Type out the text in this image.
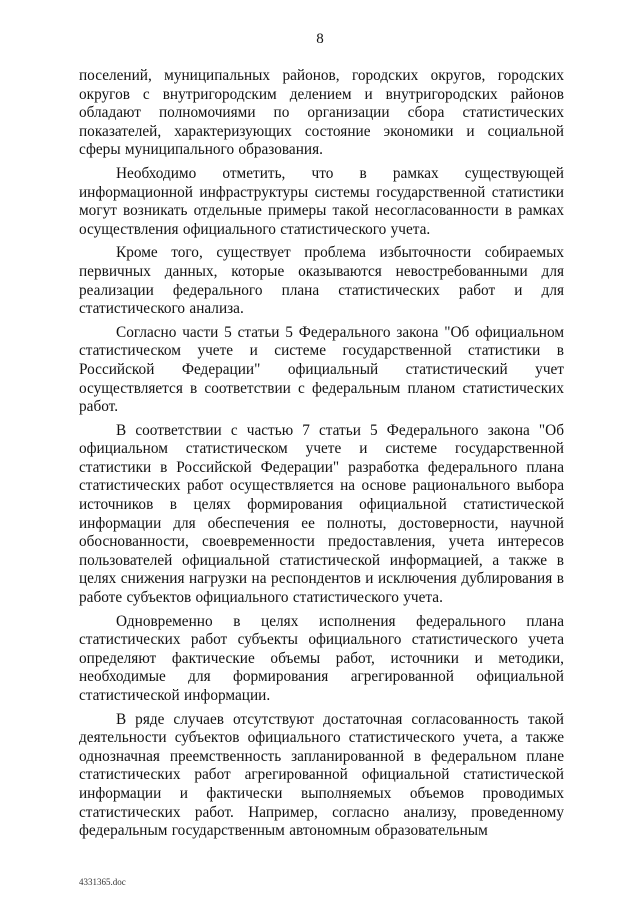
8

поселений, муниципальных районов, городских округов, городских округов с внутригородским делением и внутригородских районов обладают полномочиями по организации сбора статистических показателей, характеризующих состояние экономики и социальной сферы муниципального образования.

Необходимо отметить, что в рамках существующей информационной инфраструктуры системы государственной статистики могут возникать отдельные примеры такой несогласованности в рамках осуществления официального статистического учета.

Кроме того, существует проблема избыточности собираемых первичных данных, которые оказываются невостребованными для реализации федерального плана статистических работ и для статистического анализа.

Согласно части 5 статьи 5 Федерального закона "Об официальном статистическом учете и системе государственной статистики в Российской Федерации" официальный статистический учет осуществляется в соответствии с федеральным планом статистических работ.

В соответствии с частью 7 статьи 5 Федерального закона "Об официальном статистическом учете и системе государственной статистики в Российской Федерации" разработка федерального плана статистических работ осуществляется на основе рационального выбора источников в целях формирования официальной статистической информации для обеспечения ее полноты, достоверности, научной обоснованности, своевременности предоставления, учета интересов пользователей официальной статистической информацией, а также в целях снижения нагрузки на респондентов и исключения дублирования в работе субъектов официального статистического учета.

Одновременно в целях исполнения федерального плана статистических работ субъекты официального статистического учета определяют фактические объемы работ, источники и методики, необходимые для формирования агрегированной официальной статистической информации.

В ряде случаев отсутствуют достаточная согласованность такой деятельности субъектов официального статистического учета, а также однозначная преемственность запланированной в федеральном плане статистических работ агрегированной официальной статистической информации и фактически выполняемых объемов проводимых статистических работ. Например, согласно анализу, проведенному федеральным государственным автономным образовательным

4331365.doc
